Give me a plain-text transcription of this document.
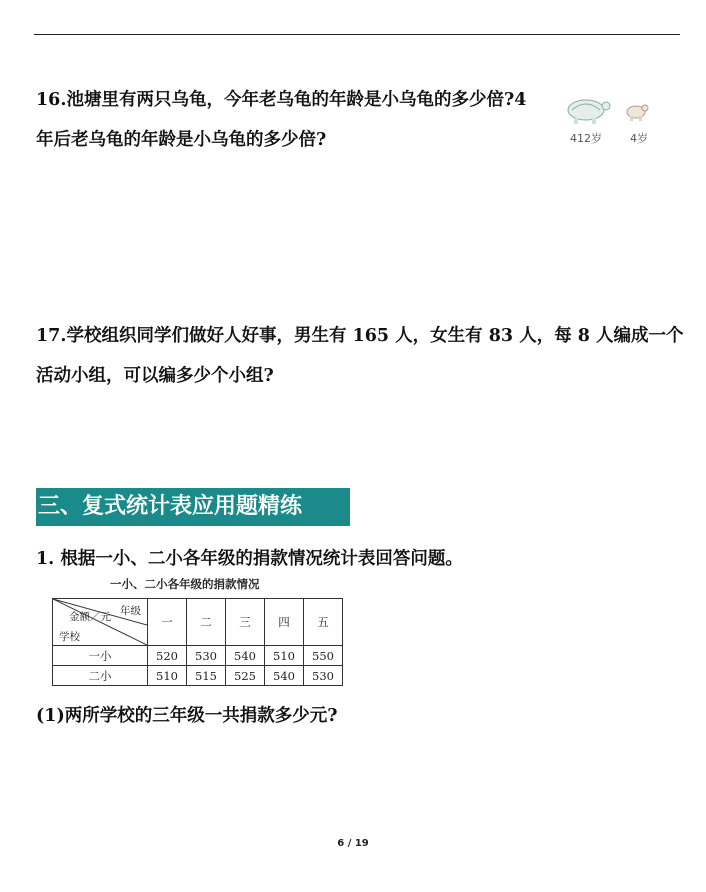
16.池塘里有两只乌龟，今年老乌龟的年龄是小乌龟的多少倍?4 年后老乌龟的年龄是小乌龟的多少倍?	412岁	4岁
17.学校组织同学们做好人好事，男生有 165 人，女生有 83 人，每 8 人编成一个活动小组，可以编多少个小组?
三、复式统计表应用题精练
1. 根据一小、二小各年级的捐款情况统计表回答问题。
一小、二小各年级的捐款情况
年级
金额／元
学校	一	二	三	四	五
一小	520	530	540	510	550
二小	510	515	525	540	530
(1)两所学校的三年级一共捐款多少元?
6 / 19
